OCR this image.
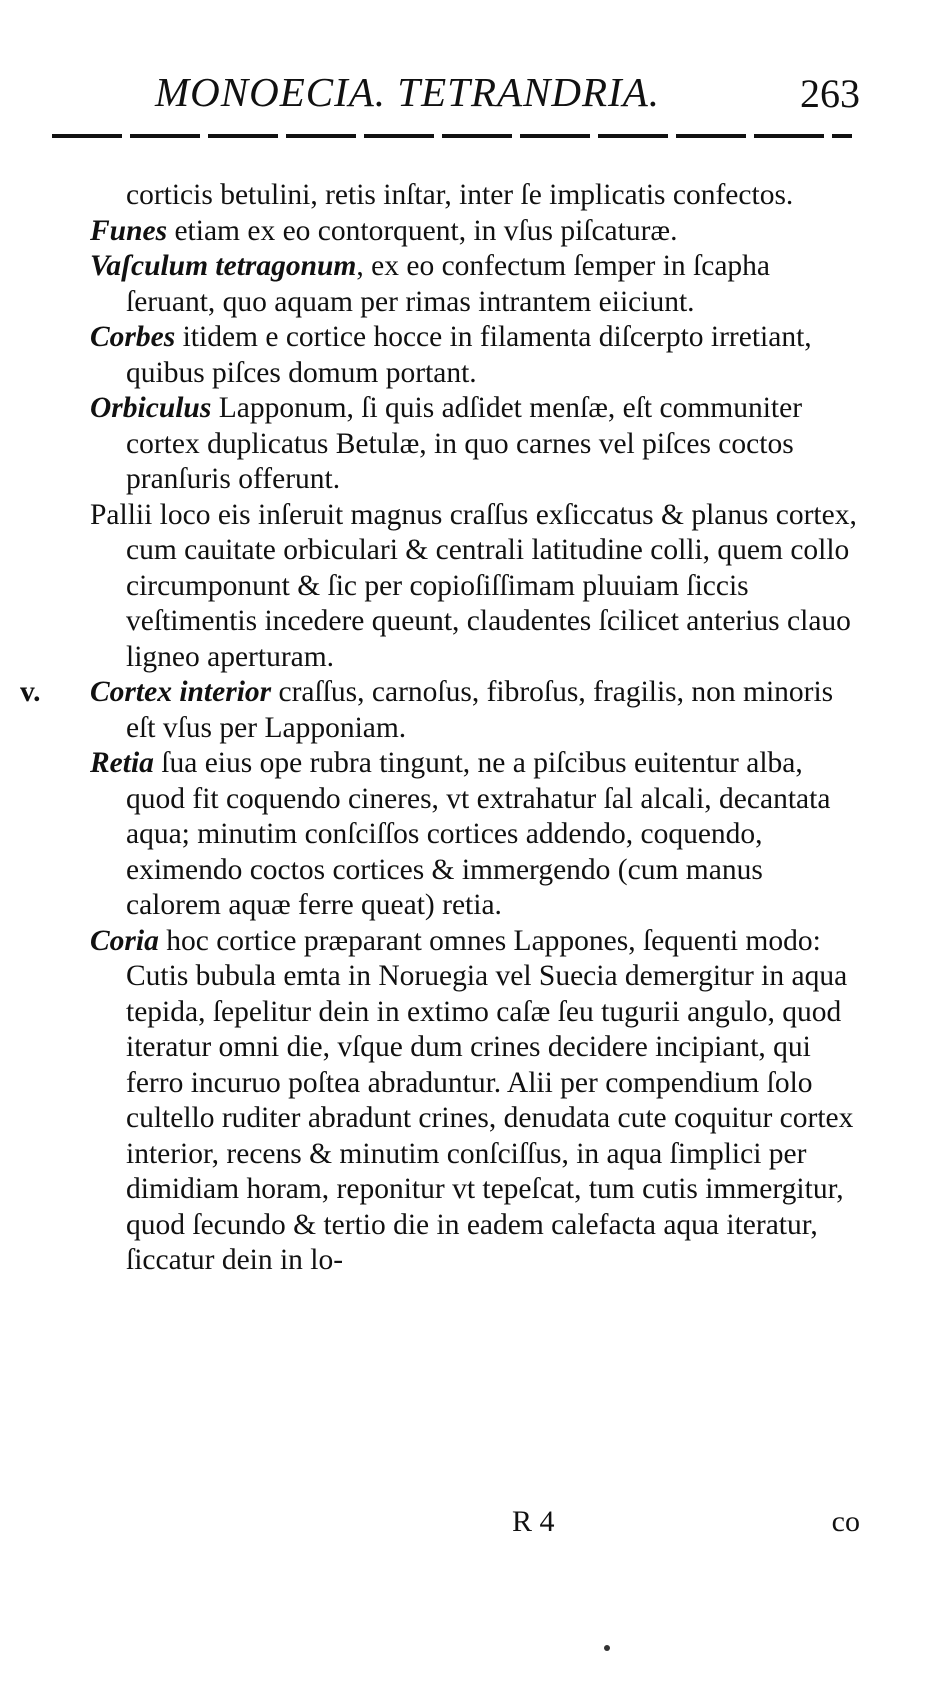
MONOECIA. TETRANDRIA.	263

corticis betulini, retis inſtar, inter ſe implicatis confectos.

Funes etiam ex eo contorquent, in vſus piſcaturæ.

Vaſculum tetragonum, ex eo confectum ſemper in ſcapha ſeruant, quo aquam per rimas intrantem eiiciunt.

Corbes itidem e cortice hocce in filamenta diſcerpto irretiant, quibus piſces domum portant.

Orbiculus Lapponum, ſi quis adſidet menſæ, eſt communiter cortex duplicatus Betulæ, in quo carnes vel piſces coctos pranſuris offerunt.

Pallii loco eis inſeruit magnus craſſus exſiccatus & planus cortex, cum cauitate orbiculari & centrali latitudine colli, quem collo circumponunt & ſic per copioſiſſimam pluuiam ſiccis veſtimentis incedere queunt, claudentes ſcilicet anterius clauo ligneo aperturam.

v.	Cortex interior craſſus, carnoſus, fibroſus, fragilis, non minoris eſt vſus per Lapponiam.

Retia ſua eius ope rubra tingunt, ne a piſcibus euitentur alba, quod fit coquendo cineres, vt extrahatur ſal alcali, decantata aqua; minutim conſciſſos cortices addendo, coquendo, eximendo coctos cortices & immergendo (cum manus calorem aquæ ferre queat) retia.

Coria hoc cortice præparant omnes Lappones, ſequenti modo: Cutis bubula emta in Noruegia vel Suecia demergitur in aqua tepida, ſepelitur dein in extimo caſæ ſeu tugurii angulo, quod iteratur omni die, vſque dum crines decidere incipiant, qui ferro incuruo poſtea abraduntur. Alii per compendium ſolo cultello ruditer abradunt crines, denudata cute coquitur cortex interior, recens & minutim conſciſſus, in aqua ſimplici per dimidiam horam, reponitur vt tepeſcat, tum cutis immergitur, quod ſecundo & tertio die in eadem calefacta aqua iteratur, ſiccatur dein in lo-

R 4	co
